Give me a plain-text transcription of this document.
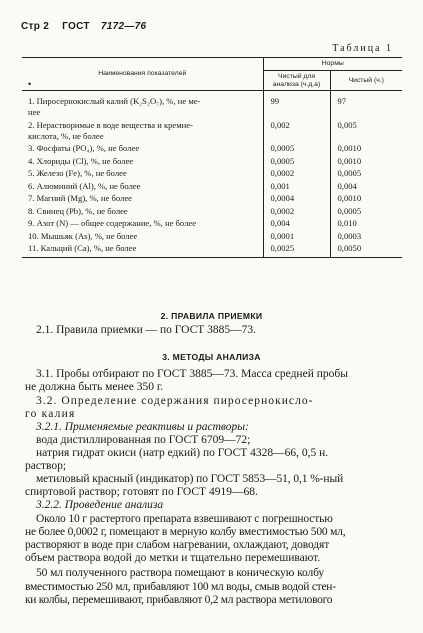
Стр 2 ГОСТ 7172—76
Таблица 1
•
Наименования показателей	Нормы	
	Чистый для анализа (ч.д.а)	Чистый (ч.)
1. Пиросернокислый калий (K₂S₂O₇), %, не ме-
нее	99	97
2. Нерастворимые в воде вещества и кремне-
кислота, %, не более	0,002	0,005
3. Фосфаты (PO₄), %, не более	0,0005	0,0010
4. Хлориды (Cl), %, не более	0,0005	0,0010
5. Железо (Fe), %, не более	0,0002	0,0005
6. Алюминий (Al), %, не более	0,001	0,004
7. Магний (Mg), %, не более	0,0004	0,0010
8. Свинец (Pb), %, не более	0,0002	0,0005
9. Азот (N) — общее содержание, %, не более	0,004	0,010
10. Мышьяк (As), %, не более	0,0001	0,0003
11. Кальций (Ca), %, не более	0,0025	0,0050
2. ПРАВИЛА ПРИЕМКИ
2.1. Правила приемки — по ГОСТ 3885—73.
3. МЕТОДЫ АНАЛИЗА
3.1. Пробы отбирают по ГОСТ 3885—73. Масса средней пробы
не должна быть менее 350 г.
3.2. Определение содержания пиросернокисло-
го калия
3.2.1. Применяемые реактивы и растворы:
вода дистиллированная по ГОСТ 6709—72;
натрия гидрат окиси (натр едкий) по ГОСТ 4328—66, 0,5 н.
раствор;
метиловый красный (индикатор) по ГОСТ 5853—51, 0,1 %-ный
спиртовой раствор; готовят по ГОСТ 4919—68.
3.2.2. Проведение анализа
Около 10 г растертого препарата взвешивают с погрешностью
не более 0,0002 г, помещают в мерную колбу вместимостью 500 мл,
растворяют в воде при слабом нагревании, охлаждают, доводят
объем раствора водой до метки и тщательно перемешивают.
50 мл полученного раствора помещают в коническую колбу
вместимостью 250 мл, прибавляют 100 мл воды, смыв водой стен-
ки колбы, перемешивают, прибавляют 0,2 мл раствора метилового
